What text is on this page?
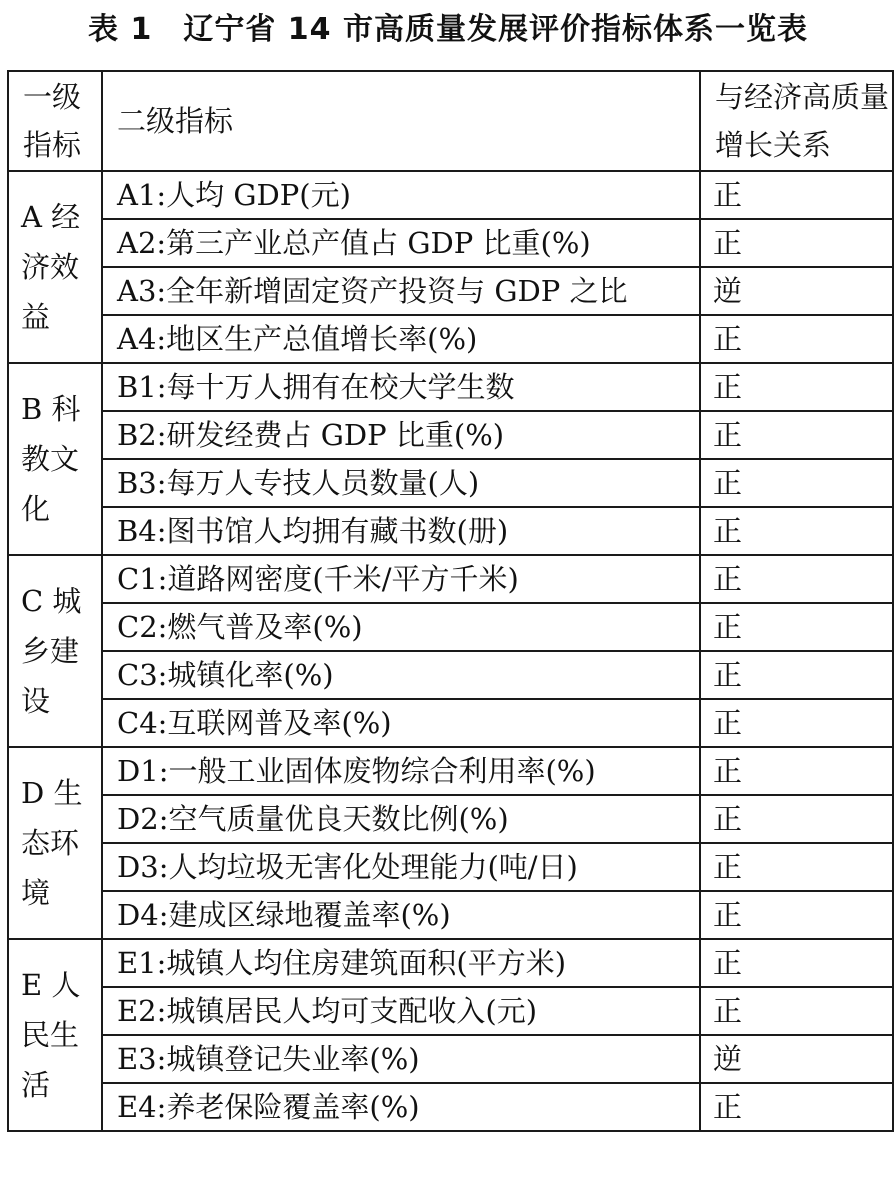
表 1　辽宁省 14 市高质量发展评价指标体系一览表
一级指标	二级指标	与经济高质量增长关系
A 经济效益	A1:人均 GDP(元)	正
	A2:第三产业总产值占 GDP 比重(%)	正
	A3:全年新增固定资产投资与 GDP 之比	逆
	A4:地区生产总值增长率(%)	正
B 科教文化	B1:每十万人拥有在校大学生数	正
	B2:研发经费占 GDP 比重(%)	正
	B3:每万人专技人员数量(人)	正
	B4:图书馆人均拥有藏书数(册)	正
C 城乡建设	C1:道路网密度(千米/平方千米)	正
	C2:燃气普及率(%)	正
	C3:城镇化率(%)	正
	C4:互联网普及率(%)	正
D 生态环境	D1:一般工业固体废物综合利用率(%)	正
	D2:空气质量优良天数比例(%)	正
	D3:人均垃圾无害化处理能力(吨/日)	正
	D4:建成区绿地覆盖率(%)	正
E 人民生活	E1:城镇人均住房建筑面积(平方米)	正
	E2:城镇居民人均可支配收入(元)	正
	E3:城镇登记失业率(%)	逆
	E4:养老保险覆盖率(%)	正
